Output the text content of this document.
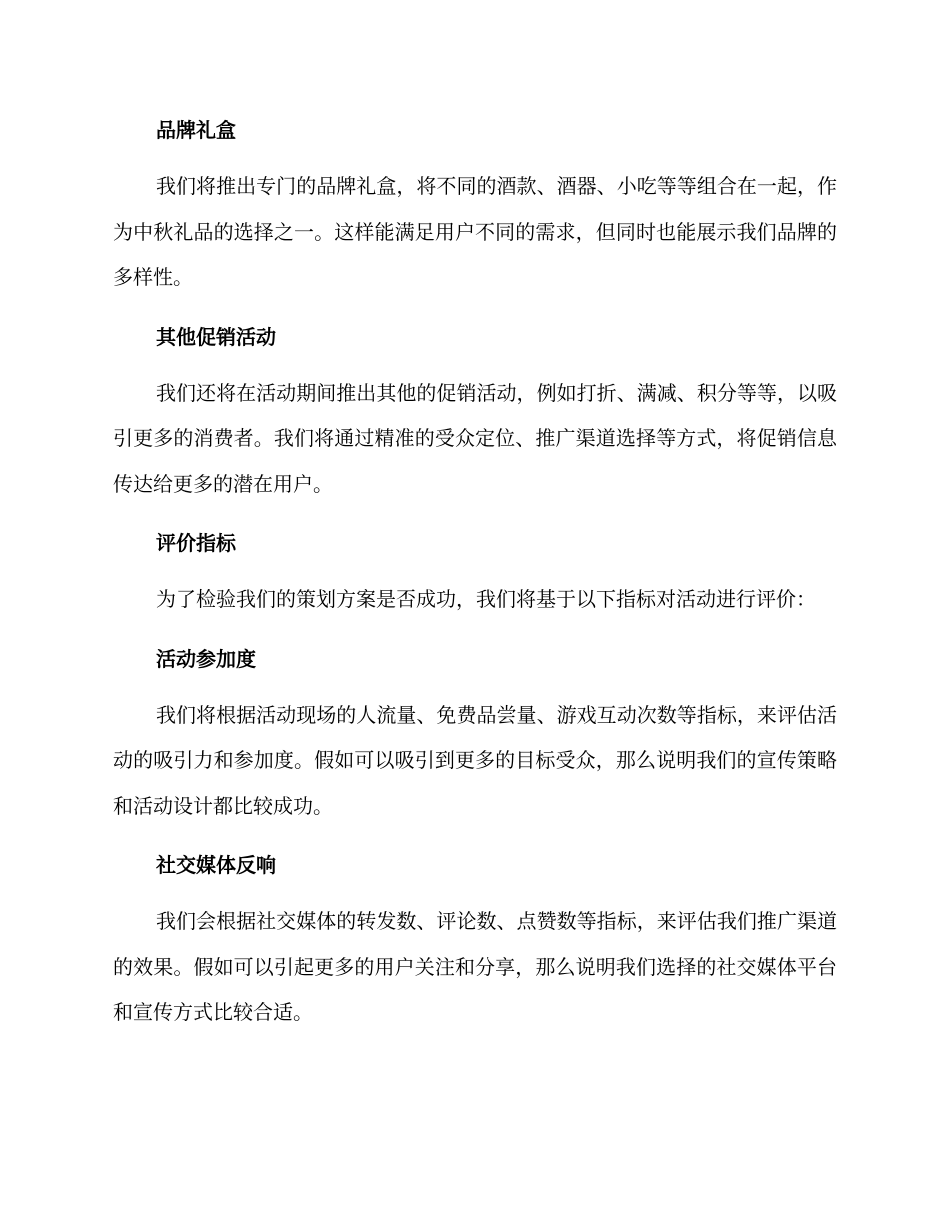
品牌礼盒

我们将推出专门的品牌礼盒，将不同的酒款、酒器、小吃等等组合在一起，作为中秋礼品的选择之一。这样能满足用户不同的需求，但同时也能展示我们品牌的多样性。

其他促销活动

我们还将在活动期间推出其他的促销活动，例如打折、满减、积分等等，以吸引更多的消费者。我们将通过精准的受众定位、推广渠道选择等方式，将促销信息传达给更多的潜在用户。

评价指标

为了检验我们的策划方案是否成功，我们将基于以下指标对活动进行评价：

活动参加度

我们将根据活动现场的人流量、免费品尝量、游戏互动次数等指标，来评估活动的吸引力和参加度。假如可以吸引到更多的目标受众，那么说明我们的宣传策略和活动设计都比较成功。

社交媒体反响

我们会根据社交媒体的转发数、评论数、点赞数等指标，来评估我们推广渠道的效果。假如可以引起更多的用户关注和分享，那么说明我们选择的社交媒体平台和宣传方式比较合适。
